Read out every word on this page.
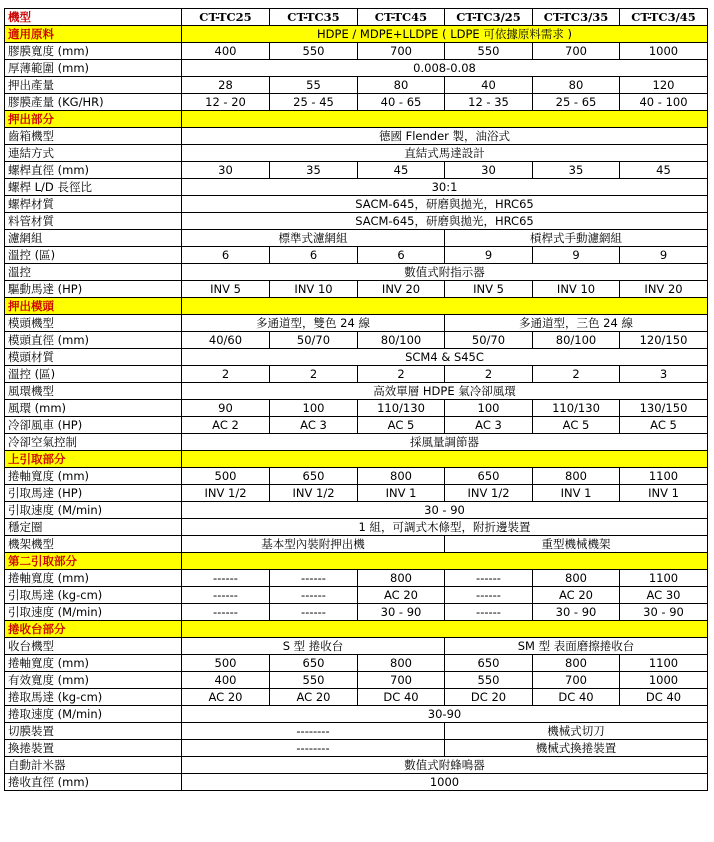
機型	CT-TC25	CT-TC35	CT-TC45	CT-TC3/25	CT-TC3/35	CT-TC3/45
適用原料	HDPE / MDPE+LLDPE ( LDPE 可依據原料需求 )					
膠膜寬度 (mm)	400	550	700	550	700	1000
厚薄範圍 (mm)	0.008-0.08					
押出產量	28	55	80	40	80	120
膠膜產量 (KG/HR)	12 - 20	25 - 45	40 - 65	12 - 35	25 - 65	40 - 100
押出部分						
齒箱機型	德國 Flender 製，油浴式					
連結方式	直結式馬達設計					
螺桿直徑 (mm)	30	35	45	30	35	45
螺桿 L/D 長徑比	30:1					
螺桿材質	SACM-645，研磨與拋光，HRC65					
料管材質	SACM-645，研磨與拋光，HRC65					
濾網組	標準式濾網組			槓桿式手動濾網組		
溫控 (區)	6	6	6	9	9	9
溫控	數值式附指示器					
驅動馬達 (HP)	INV 5	INV 10	INV 20	INV 5	INV 10	INV 20
押出模頭						
模頭機型	多通道型，雙色 24 線			多通道型，三色 24 線		
模頭直徑 (mm)	40/60	50/70	80/100	50/70	80/100	120/150
模頭材質	SCM4 & S45C					
溫控 (區)	2	2	2	2	2	3
風環機型	高效單層 HDPE 氣冷卻風環					
風環 (mm)	90	100	110/130	100	110/130	130/150
冷卻風車 (HP)	AC 2	AC 3	AC 5	AC 3	AC 5	AC 5
冷卻空氣控制	採風量調節器					
上引取部分						
捲軸寬度 (mm)	500	650	800	650	800	1100
引取馬達 (HP)	INV 1/2	INV 1/2	INV 1	INV 1/2	INV 1	INV 1
引取速度 (M/min)	30 - 90					
穩定圈	1 組，可調式木條型，附折邊裝置					
機架機型	基本型內裝附押出機			重型機械機架		
第二引取部分						
捲軸寬度 (mm)	------	------	800	------	800	1100
引取馬達 (kg-cm)	------	------	AC 20	------	AC 20	AC 30
引取速度 (M/min)	------	------	30 - 90	------	30 - 90	30 - 90
捲收台部分						
收台機型	S 型 捲收台			SM 型 表面磨擦捲收台		
捲軸寬度 (mm)	500	650	800	650	800	1100
有效寬度 (mm)	400	550	700	550	700	1000
捲取馬達 (kg-cm)	AC 20	AC 20	DC 40	DC 20	DC 40	DC 40
捲取速度 (M/min)	30-90					
切膜裝置	--------			機械式切刀		
換捲裝置	--------			機械式換捲裝置		
自動計米器	數值式附蜂鳴器					
捲收直徑 (mm)	1000					
